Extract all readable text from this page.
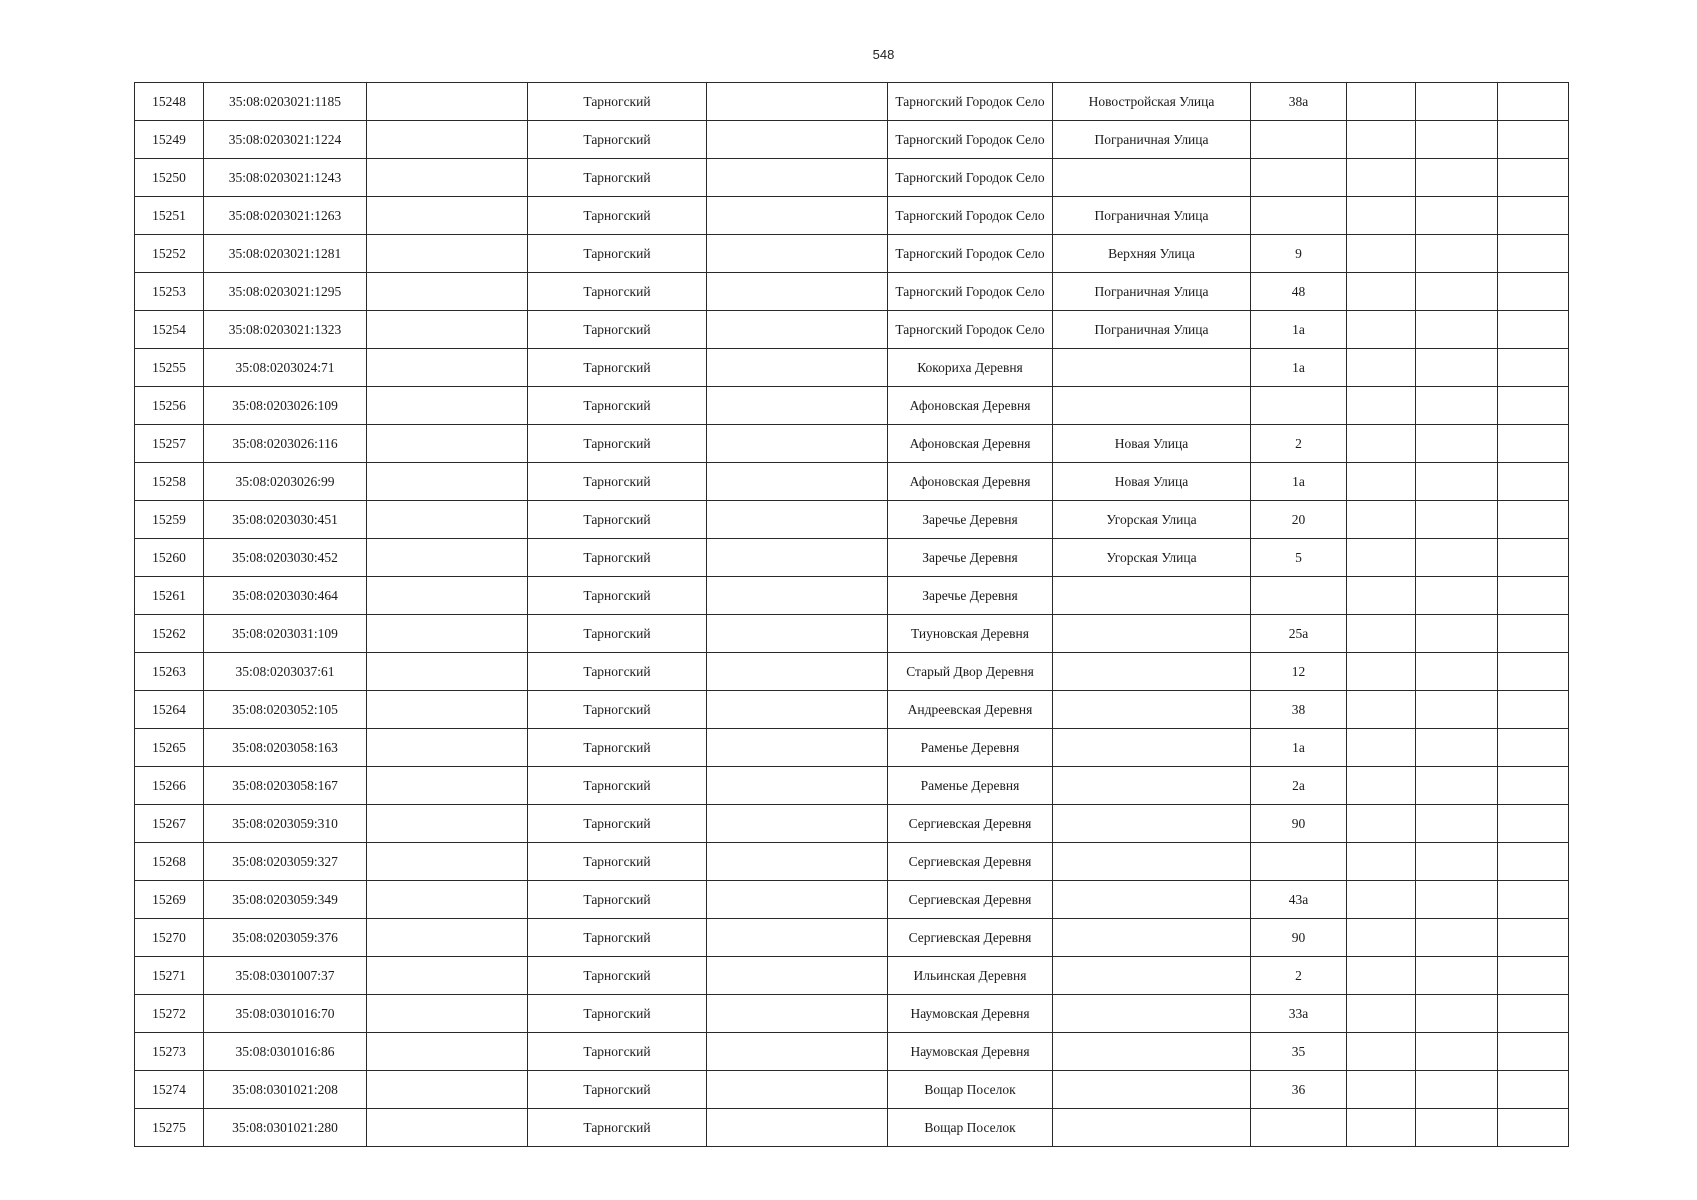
548
15248	35:08:0203021:1185		Тарногский		Тарногский Городок Село	Новостройская Улица	38а			
15249	35:08:0203021:1224		Тарногский		Тарногский Городок Село	Пограничная Улица				
15250	35:08:0203021:1243		Тарногский		Тарногский Городок Село					
15251	35:08:0203021:1263		Тарногский		Тарногский Городок Село	Пограничная Улица				
15252	35:08:0203021:1281		Тарногский		Тарногский Городок Село	Верхняя Улица	9			
15253	35:08:0203021:1295		Тарногский		Тарногский Городок Село	Пограничная Улица	48			
15254	35:08:0203021:1323		Тарногский		Тарногский Городок Село	Пограничная Улица	1а			
15255	35:08:0203024:71		Тарногский		Кокориха Деревня		1а			
15256	35:08:0203026:109		Тарногский		Афоновская Деревня					
15257	35:08:0203026:116		Тарногский		Афоновская Деревня	Новая Улица	2			
15258	35:08:0203026:99		Тарногский		Афоновская Деревня	Новая Улица	1а			
15259	35:08:0203030:451		Тарногский		Заречье Деревня	Угорская Улица	20			
15260	35:08:0203030:452		Тарногский		Заречье Деревня	Угорская Улица	5			
15261	35:08:0203030:464		Тарногский		Заречье Деревня					
15262	35:08:0203031:109		Тарногский		Тиуновская Деревня		25а			
15263	35:08:0203037:61		Тарногский		Старый Двор Деревня		12			
15264	35:08:0203052:105		Тарногский		Андреевская Деревня		38			
15265	35:08:0203058:163		Тарногский		Раменье Деревня		1а			
15266	35:08:0203058:167		Тарногский		Раменье Деревня		2а			
15267	35:08:0203059:310		Тарногский		Сергиевская Деревня		90			
15268	35:08:0203059:327		Тарногский		Сергиевская Деревня					
15269	35:08:0203059:349		Тарногский		Сергиевская Деревня		43а			
15270	35:08:0203059:376		Тарногский		Сергиевская Деревня		90			
15271	35:08:0301007:37		Тарногский		Ильинская Деревня		2			
15272	35:08:0301016:70		Тарногский		Наумовская Деревня		33а			
15273	35:08:0301016:86		Тарногский		Наумовская Деревня		35			
15274	35:08:0301021:208		Тарногский		Вощар Поселок		36			
15275	35:08:0301021:280		Тарногский		Вощар Поселок					
